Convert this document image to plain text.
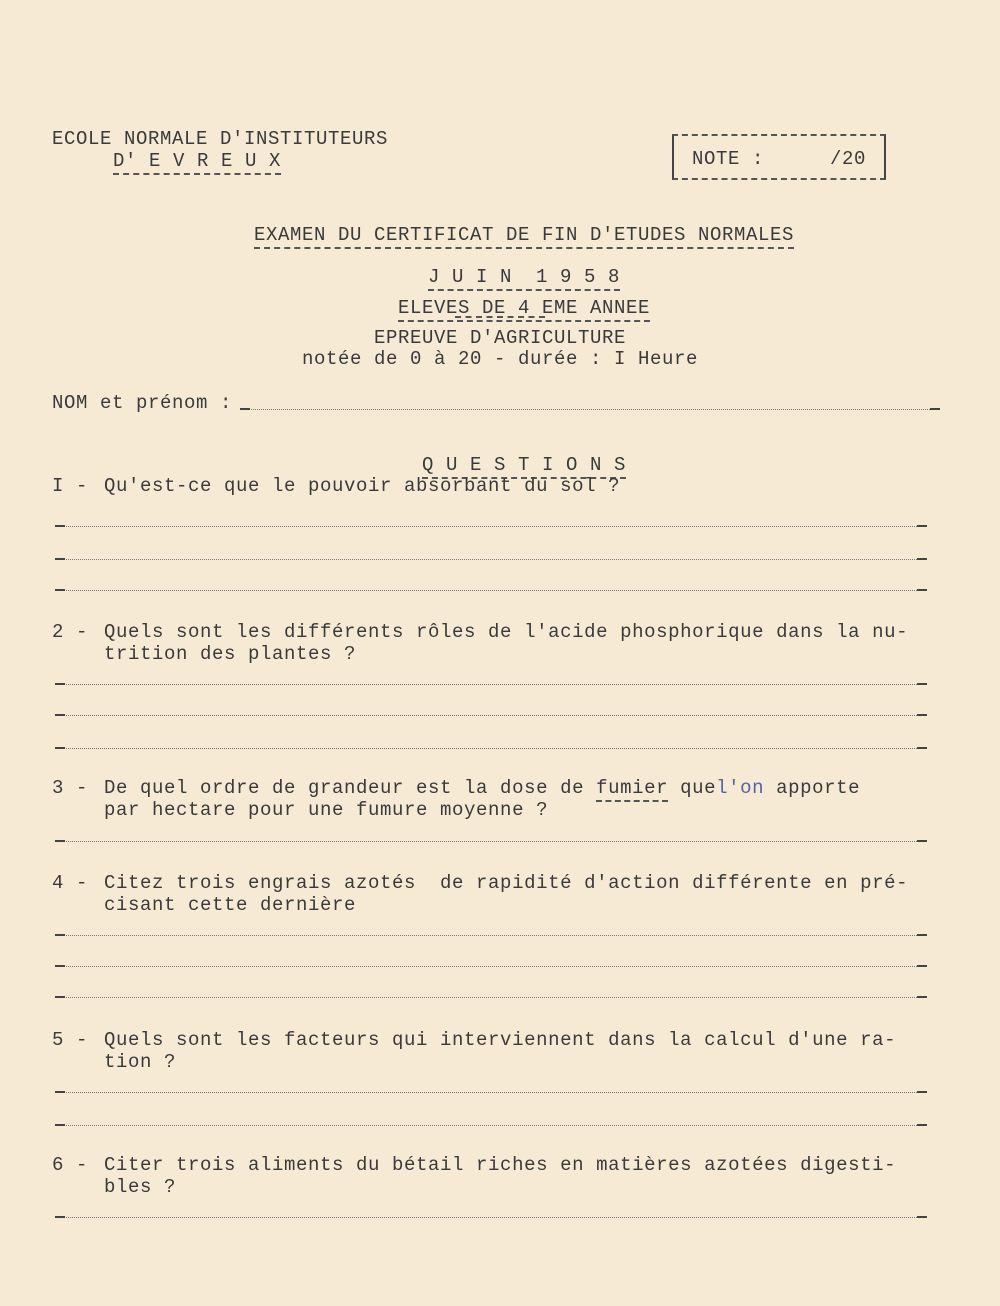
ECOLE NORMALE D'INSTITUTEURS
D' E V R E U X	NOTE :	/20

EXAMEN DU CERTIFICAT DE FIN D'ETUDES NORMALES

J U I N  1 9 5 8

ELEVES DE 4 EME ANNEE

EPREUVE D'AGRICULTURE
notée de 0 à 20 - durée : I Heure
NOM et prénom :

Q U E S T I O N S

I - Qu'est-ce que le pouvoir absorbant du sol ?
2 - Quels sont les différents rôles de l'acide phosphorique dans la nu-
trition des plantes ?
3 - De quel ordre de grandeur est la dose de fumier quel'on apporte
par hectare pour une fumure moyenne ?
4 - Citez trois engrais azotés  de rapidité d'action différente en pré-
cisant cette dernière
5 - Quels sont les facteurs qui interviennent dans la calcul d'une ra-
tion ?
6 - Citer trois aliments du bétail riches en matières azotées digesti-
bles ?
